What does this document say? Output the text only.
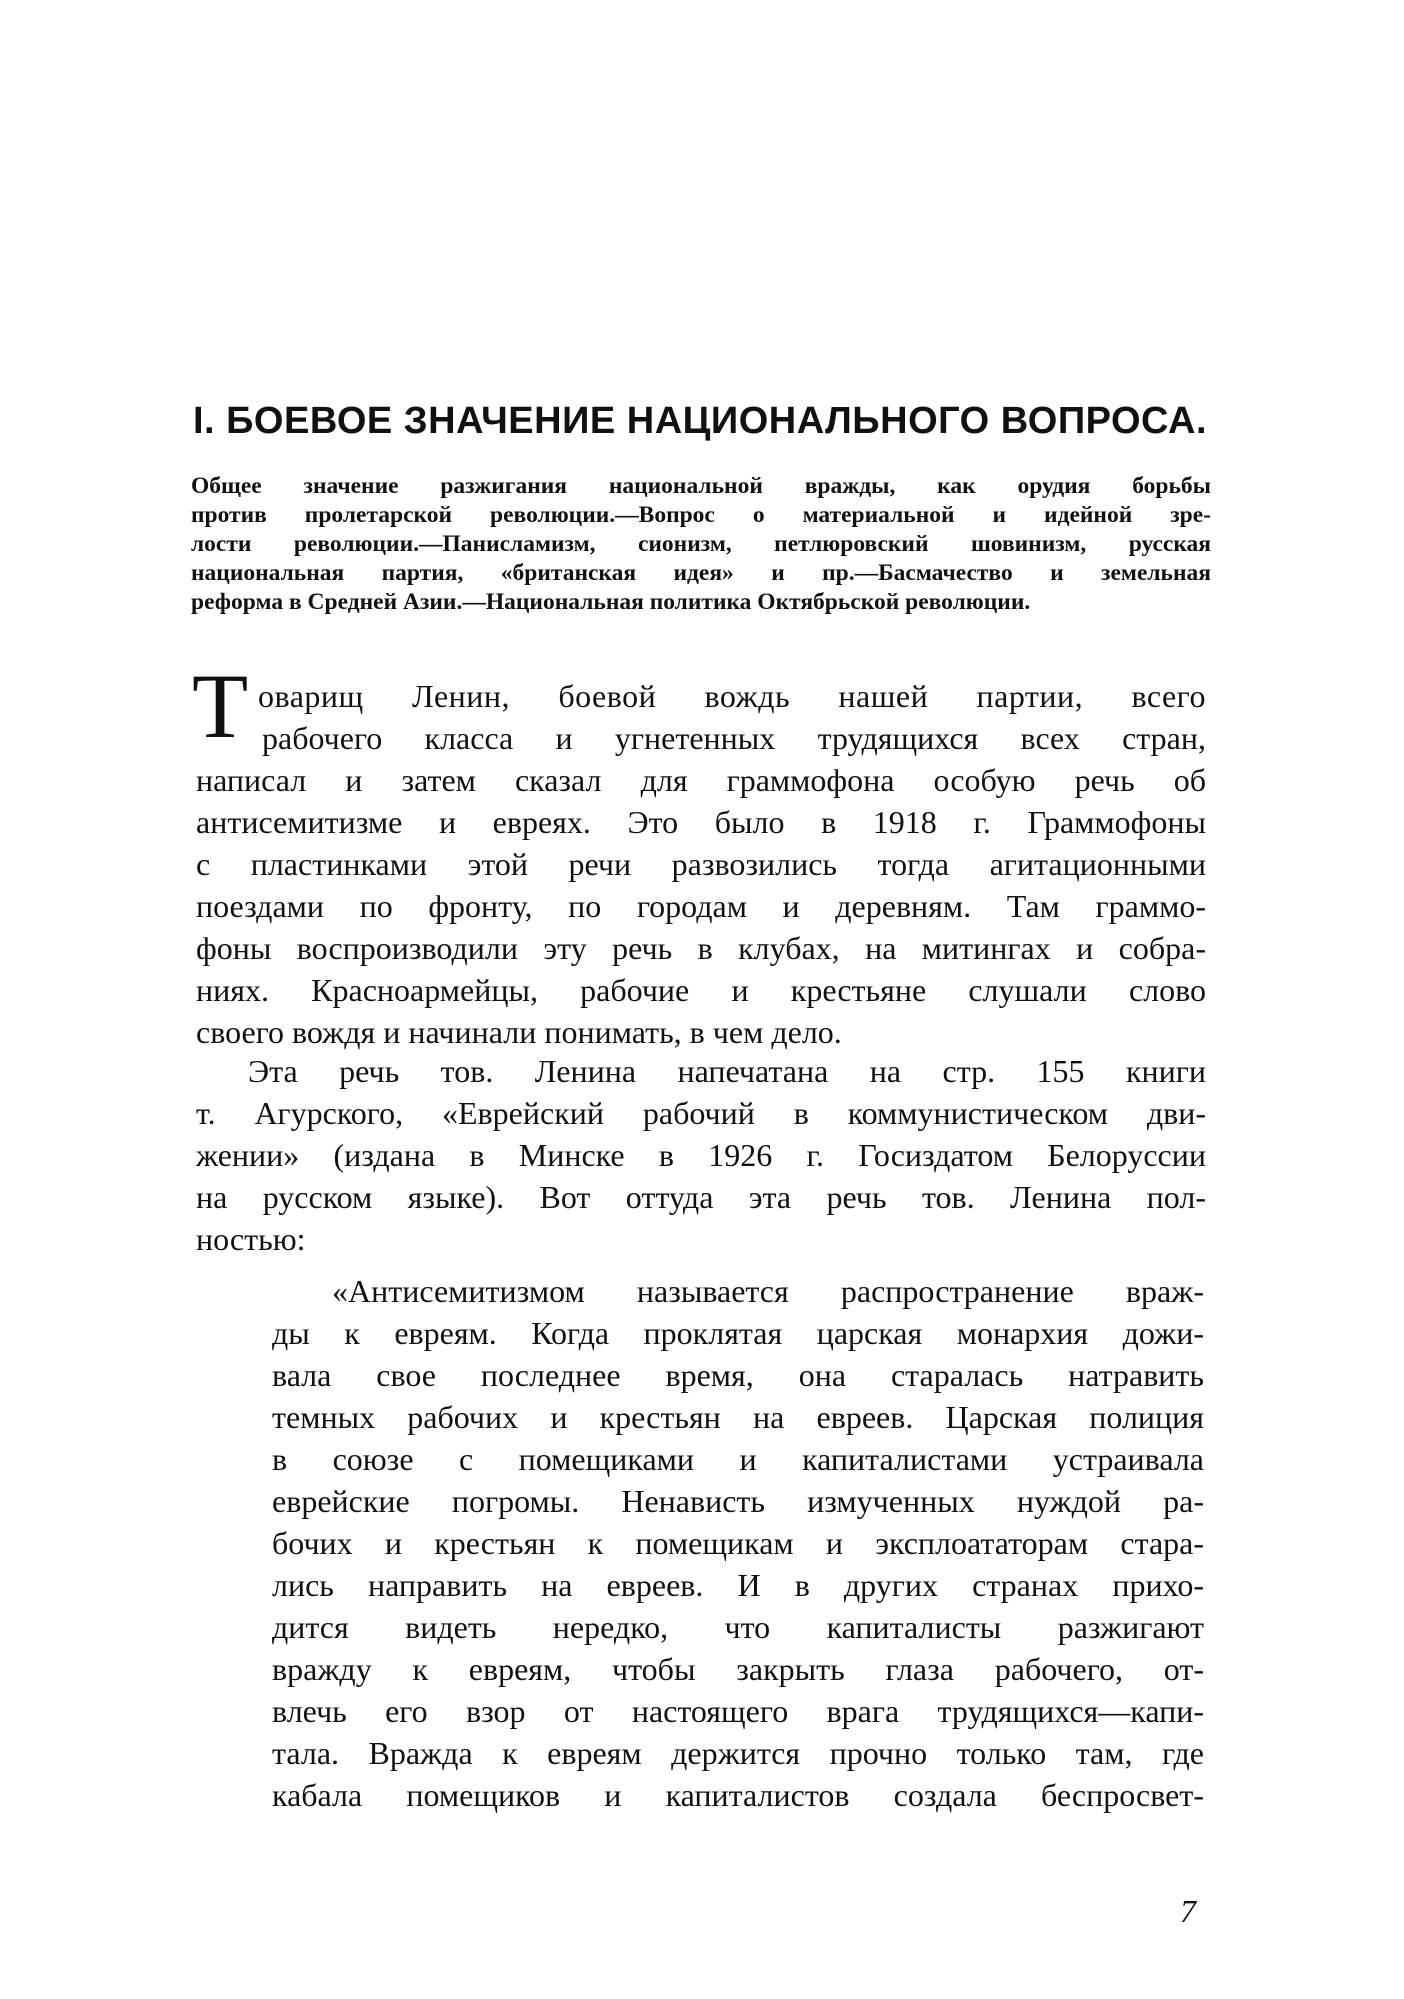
I. БОЕВОЕ ЗНАЧЕНИЕ НАЦИОНАЛЬНОГО ВОПРОСА.
Общее значение разжигания национальной вражды, как орудия борьбы
против пролетарской революции.—Вопрос о материальной и идейной зре-
лости революции.—Панисламизм, сионизм, петлюровский шовинизм, русская
национальная партия, «британская идея» и пр.—Басмачество и земельная
реформа в Средней Азии.—Национальная политика Октябрьской революции.
Т оварищ Ленин, боевой вождь нашей партии, всего
рабочего класса и угнетенных трудящихся всех стран,
написал и затем сказал для граммофона особую речь об
антисемитизме и евреях. Это было в 1918 г. Граммофоны
с пластинками этой речи развозились тогда агитационными
поездами по фронту, по городам и деревням. Там граммо-
фоны воспроизводили эту речь в клубах, на митингах и собра-
ниях. Красноармейцы, рабочие и крестьяне слушали слово
своего вождя и начинали понимать, в чем дело.
Эта речь тов. Ленина напечатана на стр. 155 книги
т. Агурского, «Еврейский рабочий в коммунистическом дви-
жении» (издана в Минске в 1926 г. Госиздатом Белоруссии
на русском языке). Вот оттуда эта речь тов. Ленина пол-
ностью:
«Антисемитизмом называется распространение враж-
ды к евреям. Когда проклятая царская монархия дожи-
вала свое последнее время, она старалась натравить
темных рабочих и крестьян на евреев. Царская полиция
в союзе с помещиками и капиталистами устраивала
еврейские погромы. Ненависть измученных нуждой ра-
бочих и крестьян к помещикам и эксплоататорам стара-
лись направить на евреев. И в других странах прихо-
дится видеть нередко, что капиталисты разжигают
вражду к евреям, чтобы закрыть глаза рабочего, от-
влечь его взор от настоящего врага трудящихся—капи-
тала. Вражда к евреям держится прочно только там, где
кабала помещиков и капиталистов создала беспросвет-
7
